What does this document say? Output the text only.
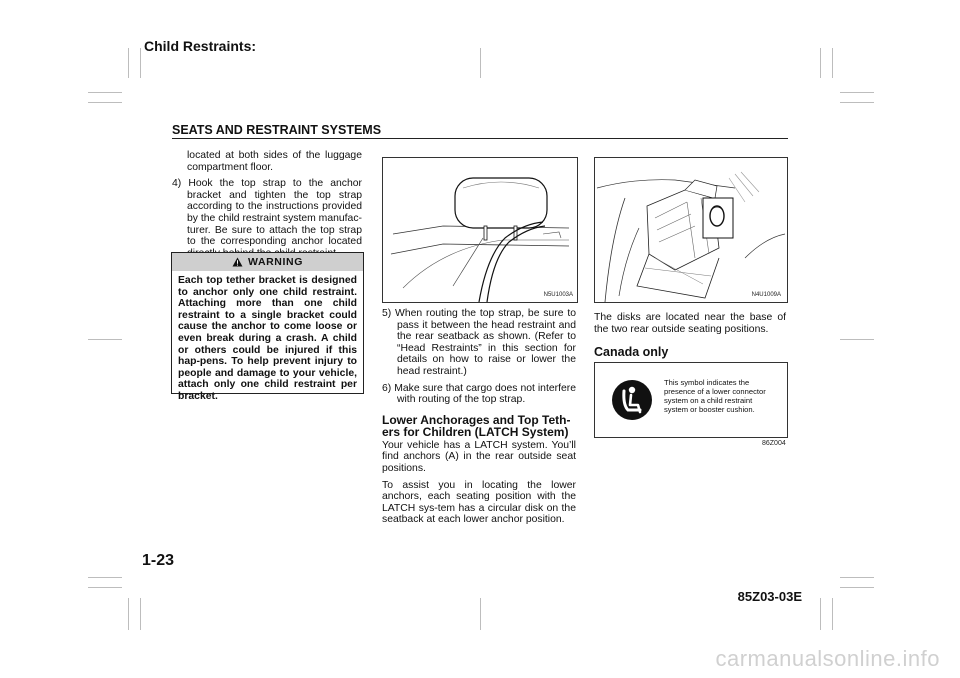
Child Restraints:
SEATS AND RESTRAINT SYSTEMS

located at both sides of the luggage compartment floor.

4) Hook the top strap to the anchor bracket and tighten the top strap according to the instructions provided by the child restraint system manufac-turer. Be sure to attach the top strap to the corresponding anchor located

WARNING
Each top tether bracket is designed to anchor only one child restraint. Attaching more than one child restraint to a single bracket could cause the anchor to come loose or even break during a crash. A child or others could be injured if this hap-pens. To help prevent injury to people and damage to your vehicle, attach only one child restraint per bracket.
N5U1003A

5) When routing the top strap, be sure to pass it between the head restraint and the rear seatback as shown. (Refer to “Head Restraints” in this section for details on how to raise or lower the head restraint.)

6) Make sure that cargo does not interfere with routing of the top strap.

Lower Anchorages and Top Teth-ers for Children (LATCH System)

Your vehicle has a LATCH system. You’ll find anchors (A) in the rear outside seat positions.

To assist you in locating the lower anchors, each seating position with the LATCH sys-tem has a circular disk on the seatback at each lower anchor position.

N4U1009A

The disks are located near the base of the two rear outside seating positions.

Canada only
This symbol indicates the presence of a lower connector system on a child restraint system or booster cushion.
86Z004
1-23
85Z03-03E
carmanualsonline.info
